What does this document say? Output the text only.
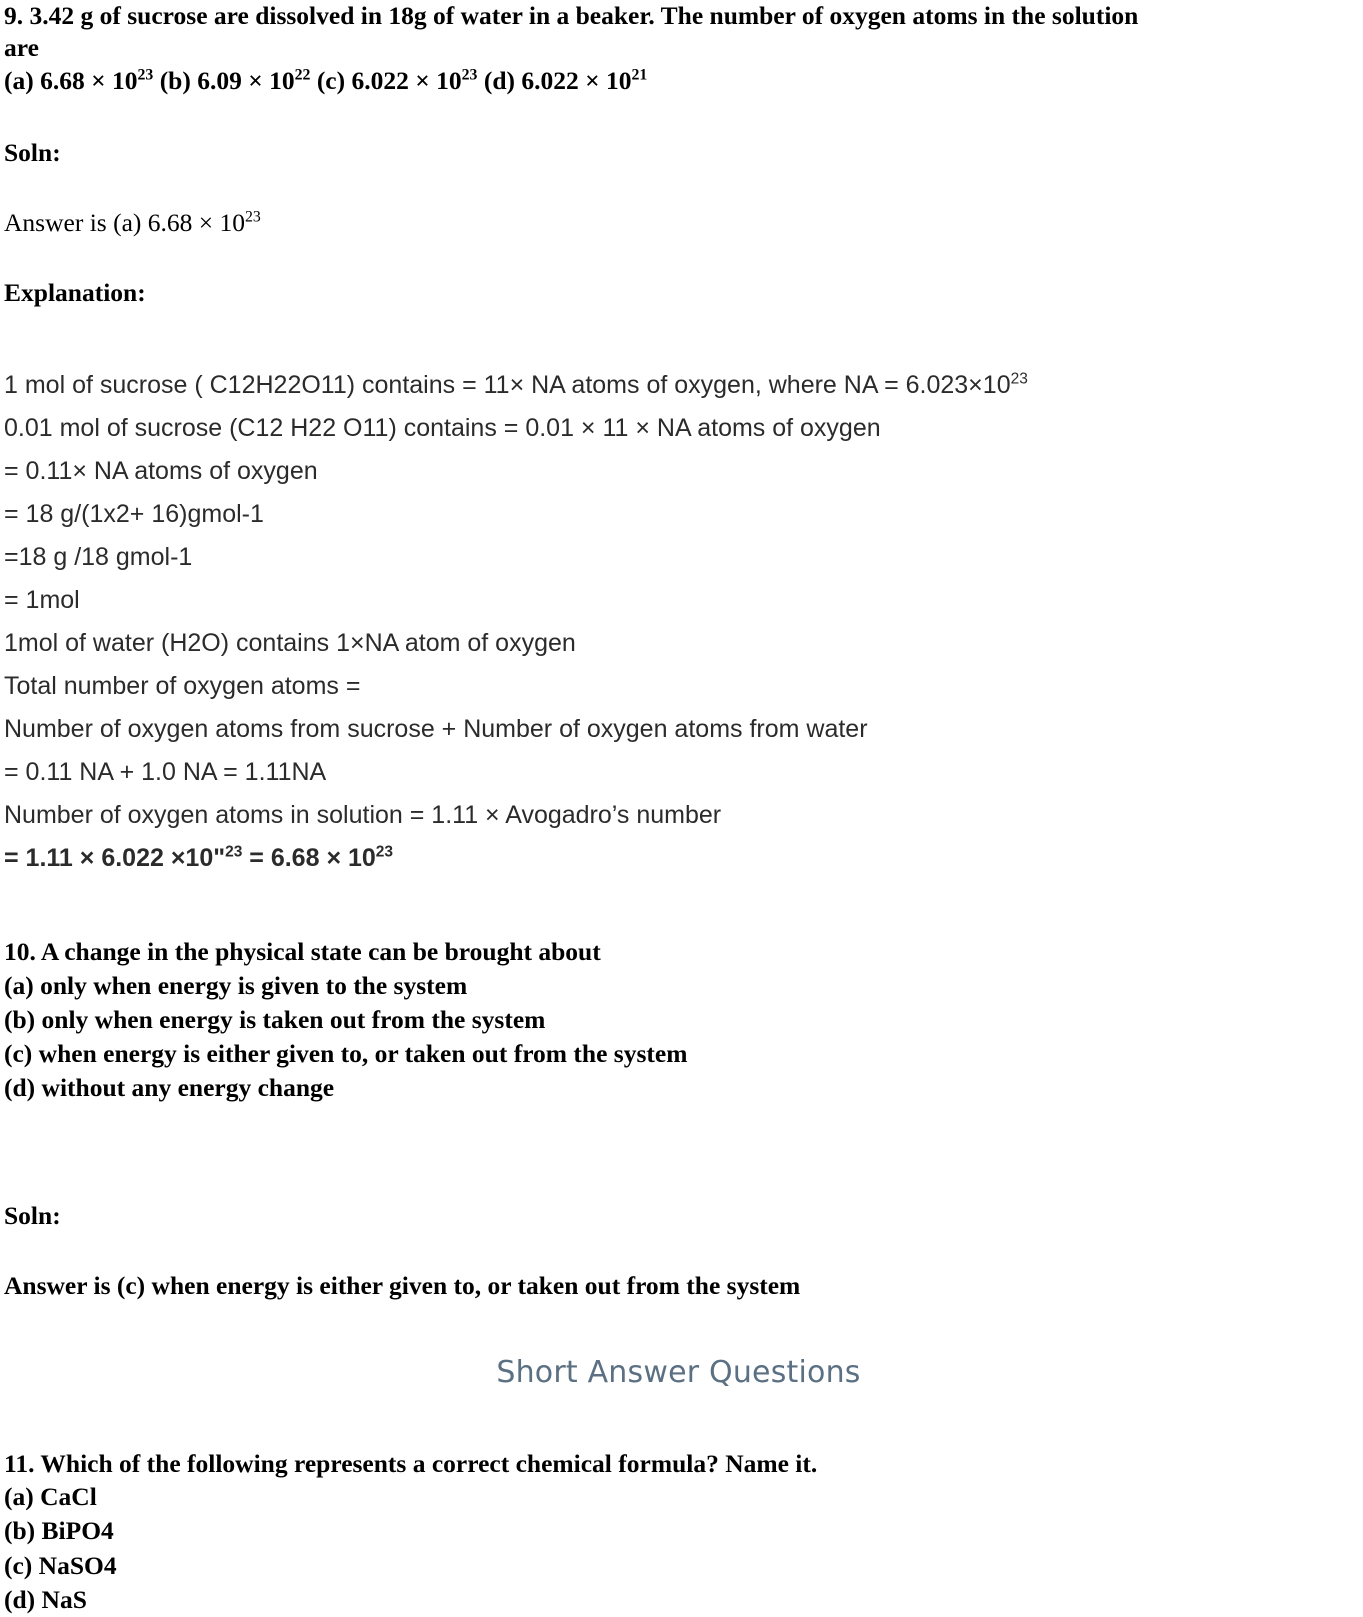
9. 3.42 g of sucrose are dissolved in 18g of water in a beaker. The number of oxygen atoms in the solution

are

(a) $6.68 \times 10^{23}$ (b) $6.09 \times 10^{22}$ (c) $6.022 \times 10^{23}$ (d) $6.022 \times 10^{21}$

Soln:

Answer is (a) $6.68 \times 10^{23}$

Explanation:

1 mol of sucrose ( C12H22O11) contains = 11× NA atoms of oxygen, where NA = $6.023\times 10^{23}$

0.01 mol of sucrose (C12 H22 O11) contains = 0.01 × 11 × NA atoms of oxygen

= 0.11× NA atoms of oxygen

= 18 g/(1x2+ 16)gmol-1

=18 g /18 gmol-1

= 1mol

1mol of water (H2O) contains 1×NA atom of oxygen

Total number of oxygen atoms =

Number of oxygen atoms from sucrose + Number of oxygen atoms from water

= 0.11 NA + 1.0 NA = 1.11NA

Number of oxygen atoms in solution = 1.11 × Avogadro’s number

= 1.11 × 6.022 ×10"$^{23}$ = $6.68 \times 10^{23}$

10. A change in the physical state can be brought about

(a) only when energy is given to the system

(b) only when energy is taken out from the system

(c) when energy is either given to, or taken out from the system

(d) without any energy change

Soln:

Answer is (c) when energy is either given to, or taken out from the system

Short Answer Questions

11. Which of the following represents a correct chemical formula? Name it.

(a) CaCl

(b) BiPO4

(c) NaSO4

(d) NaS
